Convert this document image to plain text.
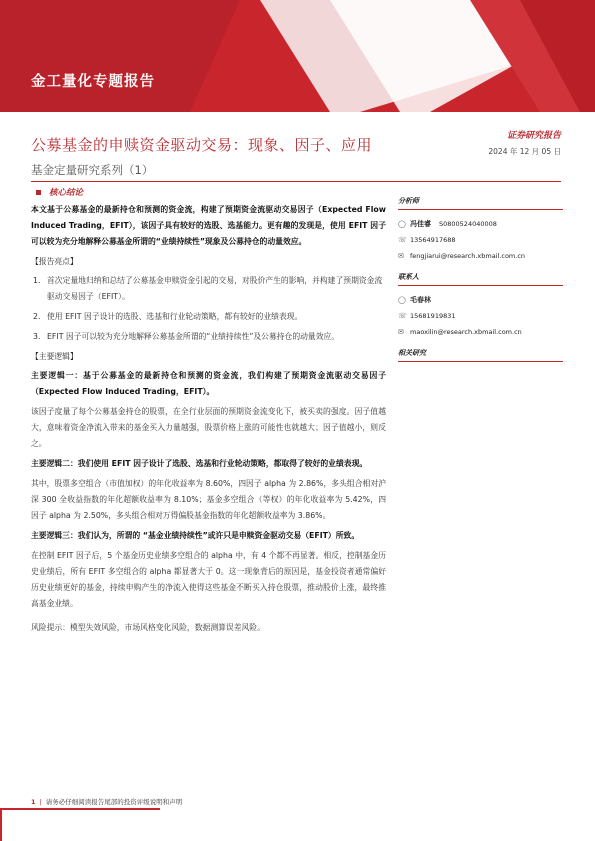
金工量化专题报告
公募基金的申赎资金驱动交易：现象、因子、应用
基金定量研究系列（1）
证券研究报告
2024 年 12 月 05 日
核心结论

本文基于公募基金的最新持仓和预测的资金流，构建了预期资金流驱动交易因子（Expected Flow Induced Trading，EFIT），该因子具有较好的选股、选基能力。更有趣的发现是，使用 EFIT 因子可以较为充分地解释公募基金所谓的“业绩持续性”现象及公募持仓的动量效应。

【报告亮点】
1. 首次定量地归纳和总结了公募基金申赎资金引起的交易，对股价产生的影响，并构建了预期资金流驱动交易因子（EFIT）。
2. 使用 EFIT 因子设计的选股、选基和行业轮动策略，都有较好的业绩表现。
3. EFIT 因子可以较为充分地解释公募基金所谓的“业绩持续性”及公募持仓的动量效应。
【主要逻辑】

主要逻辑一：基于公募基金的最新持仓和预测的资金流，我们构建了预期资金流驱动交易因子（Expected Flow Induced Trading，EFIT）。

该因子度量了每个公募基金持仓的股票，在全行业层面的预期资金流变化下，被买卖的强度。因子值越大，意味着资金净流入带来的基金买入力量越强，股票价格上涨的可能性也就越大；因子值越小，则反之。

主要逻辑二：我们使用 EFIT 因子设计了选股、选基和行业轮动策略，都取得了较好的业绩表现。

其中，股票多空组合（市值加权）的年化收益率为 8.60%，四因子 alpha 为 2.86%，多头组合相对沪深 300 全收益指数的年化超额收益率为 8.10%；基金多空组合（等权）的年化收益率为 5.42%，四因子 alpha 为 2.50%，多头组合相对万得偏股基金指数的年化超额收益率为 3.86%。

主要逻辑三：我们认为，所谓的 “基金业绩持续性”或许只是申赎资金驱动交易（EFIT）所致。

在控制 EFIT 因子后，5 个基金历史业绩多空组合的 alpha 中，有 4 个都不再显著。相反，控制基金历史业绩后，所有 EFIT 多空组合的 alpha 都显著大于 0。这一现象背后的原因是，基金投资者通常偏好历史业绩更好的基金，持续申购产生的净流入使得这些基金不断买入持仓股票，推动股价上涨，最终推高基金业绩。

风险提示：模型失效风险，市场风格变化风险，数据测算误差风险。

分析师
◯ 冯佳睿 S0800524040008
☏ 13564917688
✉ fengjiarui@research.xbmail.com.cn
联系人
◯ 毛春林
☏ 15681919831
✉ maoxilin@research.xbmail.com.cn
相关研究
1 | 请务必仔细阅读报告尾部的投资评级说明和声明
